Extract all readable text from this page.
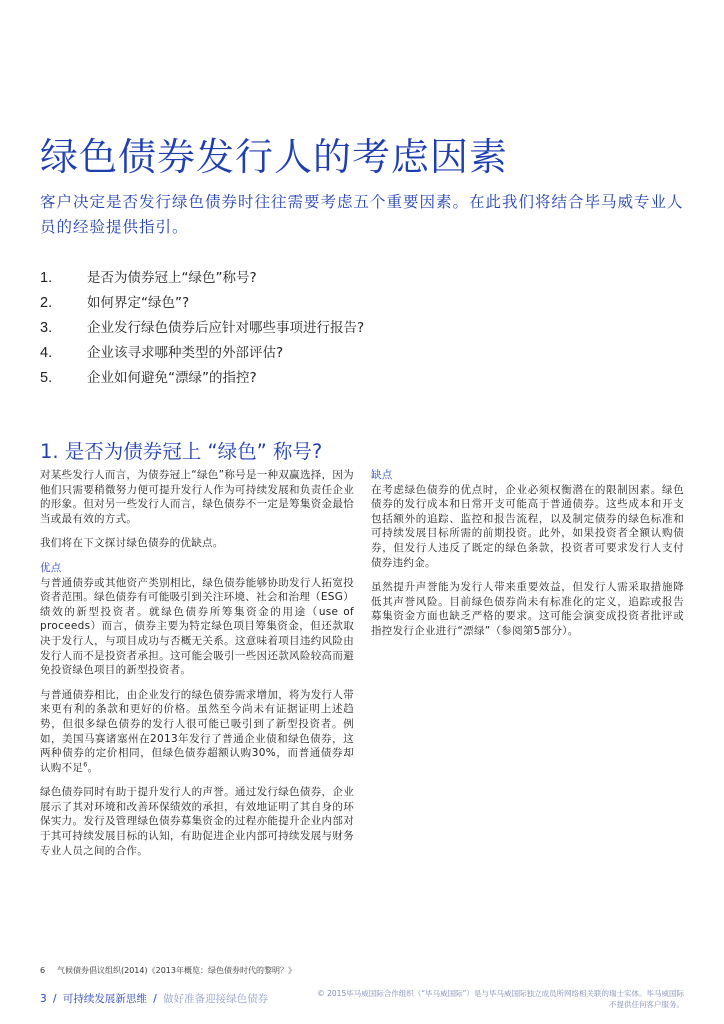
绿色债券发行人的考虑因素

客户决定是否发行绿色债券时往往需要考虑五个重要因素。在此我们将结合毕马威专业人员的经验提供指引。

1.	是否为债券冠上“绿色”称号?
2.	如何界定“绿色”?
3.	企业发行绿色债券后应针对哪些事项进行报告?
4.	企业该寻求哪种类型的外部评估?
5.	企业如何避免“漂绿”的指控?
1. 是否为债券冠上 “绿色” 称号?

对某些发行人而言，为债券冠上“绿色”称号是一种双赢选择，因为他们只需要稍微努力便可提升发行人作为可持续发展和负责任企业的形象。但对另一些发行人而言，绿色债券不一定是筹集资金最恰当或最有效的方式。

我们将在下文探讨绿色债券的优缺点。

优点

与普通债券或其他资产类别相比，绿色债券能够协助发行人拓宽投资者范围。绿色债券有可能吸引到关注环境、社会和治理（ESG）绩效的新型投资者。就绿色债券所筹集资金的用途（use of proceeds）而言，债券主要为特定绿色项目筹集资金，但还款取决于发行人，与项目成功与否概无关系。这意味着项目违约风险由发行人而不是投资者承担。这可能会吸引一些因还款风险较高而避免投资绿色项目的新型投资者。

与普通债券相比，由企业发行的绿色债券需求增加，将为发行人带来更有利的条款和更好的价格。虽然至今尚未有证据证明上述趋势，但很多绿色债券的发行人很可能已吸引到了新型投资者。例如，美国马赛诸塞州在2013年发行了普通企业债和绿色债券，这两种债券的定价相同，但绿色债券超额认购30%，而普通债券却认购不足$^6$。

绿色债券同时有助于提升发行人的声誉。通过发行绿色债券，企业展示了其对环境和改善环保绩效的承担，有效地证明了其自身的环保实力。发行及管理绿色债券募集资金的过程亦能提升企业内部对于其可持续发展目标的认知，有助促进企业内部可持续发展与财务专业人员之间的合作。

缺点

在考虑绿色债券的优点时，企业必须权衡潜在的限制因素。绿色债券的发行成本和日常开支可能高于普通债券。这些成本和开支包括额外的追踪、监控和报告流程，以及制定债券的绿色标准和可持续发展目标所需的前期投资。此外，如果投资者全额认购债券，但发行人违反了既定的绿色条款，投资者可要求发行人支付债券违约金。

虽然提升声誉能为发行人带来重要效益，但发行人需采取措施降低其声誉风险。目前绿色债券尚未有标准化的定义，追踪或报告募集资金方面也缺乏严格的要求。这可能会演变成投资者批评或指控发行企业进行“漂绿”（参阅第5部分）。

6 气候债券倡议组织(2014)《2013年概览：绿色债券时代的黎明？》
3 / 可持续发展新思维 / 做好准备迎接绿色债券	© 2015毕马威国际合作组织（“毕马威国际”）是与毕马威国际独立成员所网络相关联的瑞士实体。毕马威国际不提供任何客户服务。
